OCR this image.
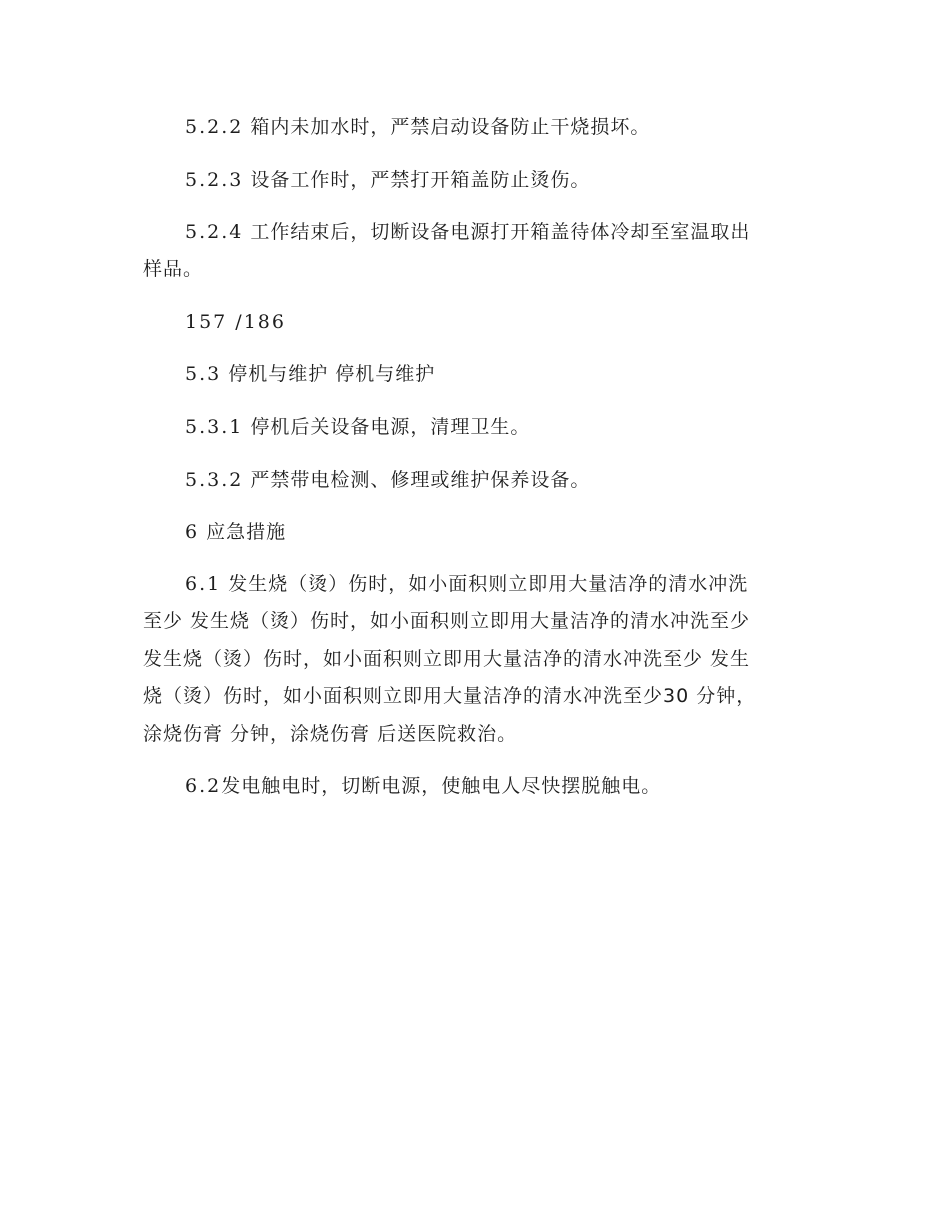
5.2.2 箱内未加水时，严禁启动设备防止干烧损坏。
5.2.3 设备工作时，严禁打开箱盖防止烫伤。
5.2.4 工作结束后，切断设备电源打开箱盖待体冷却至室温取出
样品。
157 /186
5.3 停机与维护 停机与维护
5.3.1 停机后关设备电源，清理卫生。
5.3.2 严禁带电检测、修理或维护保养设备。
6 应急措施
6.1 发生烧（烫）伤时，如小面积则立即用大量洁净的清水冲洗
至少 发生烧（烫）伤时，如小面积则立即用大量洁净的清水冲洗至少
发生烧（烫）伤时，如小面积则立即用大量洁净的清水冲洗至少 发生
烧（烫）伤时，如小面积则立即用大量洁净的清水冲洗至少30 分钟，
涂烧伤膏 分钟，涂烧伤膏 后送医院救治。
6.2发电触电时，切断电源，使触电人尽快摆脱触电。
